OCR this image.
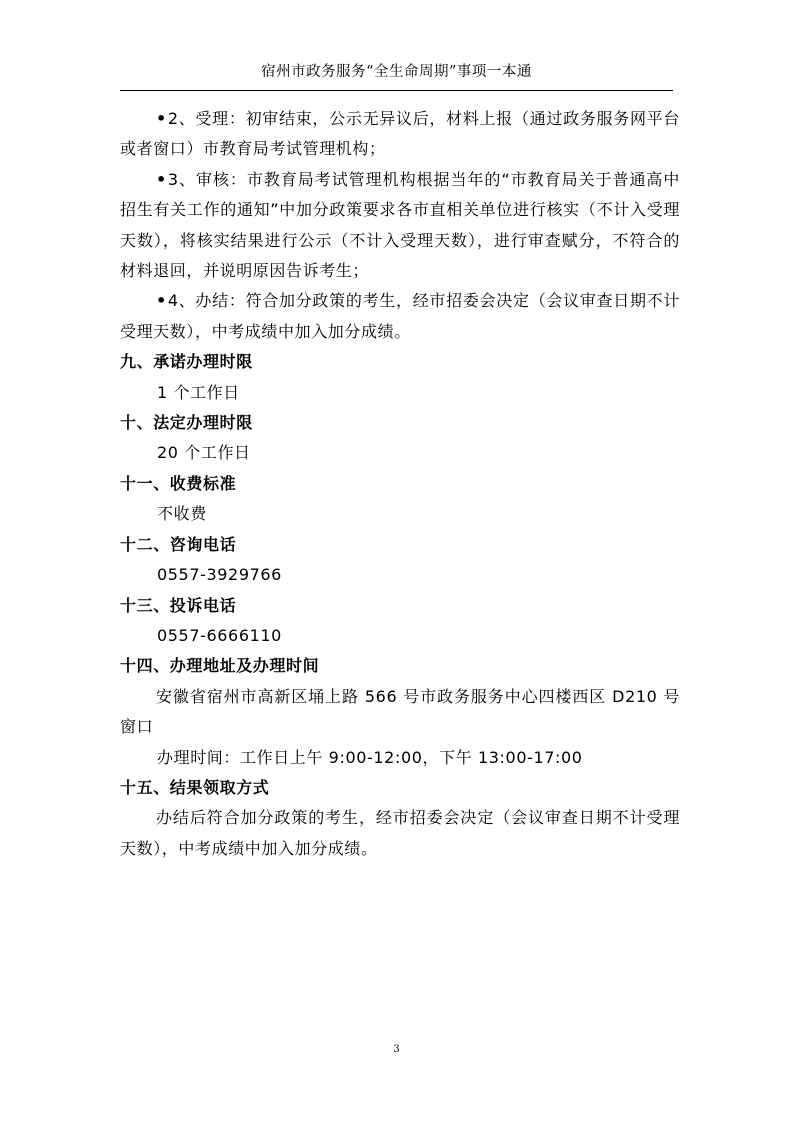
宿州市政务服务“全生命周期”事项一本通

•2、受理：初审结束，公示无异议后，材料上报（通过政务服务网平台或者窗口）市教育局考试管理机构；

•3、审核：市教育局考试管理机构根据当年的“市教育局关于普通高中招生有关工作的通知”中加分政策要求各市直相关单位进行核实（不计入受理天数），将核实结果进行公示（不计入受理天数），进行审查赋分，不符合的材料退回，并说明原因告诉考生；

•4、办结：符合加分政策的考生，经市招委会决定（会议审查日期不计受理天数），中考成绩中加入加分成绩。

九、承诺办理时限

1 个工作日

十、法定办理时限

20 个工作日

十一、收费标准

不收费

十二、咨询电话

0557-3929766

十三、投诉电话

0557-6666110

十四、办理地址及办理时间

安徽省宿州市高新区埇上路 566 号市政务服务中心四楼西区 D210 号窗口

办理时间：工作日上午 9:00-12:00，下午 13:00-17:00

十五、结果领取方式

办结后符合加分政策的考生，经市招委会决定（会议审查日期不计受理天数），中考成绩中加入加分成绩。

3
